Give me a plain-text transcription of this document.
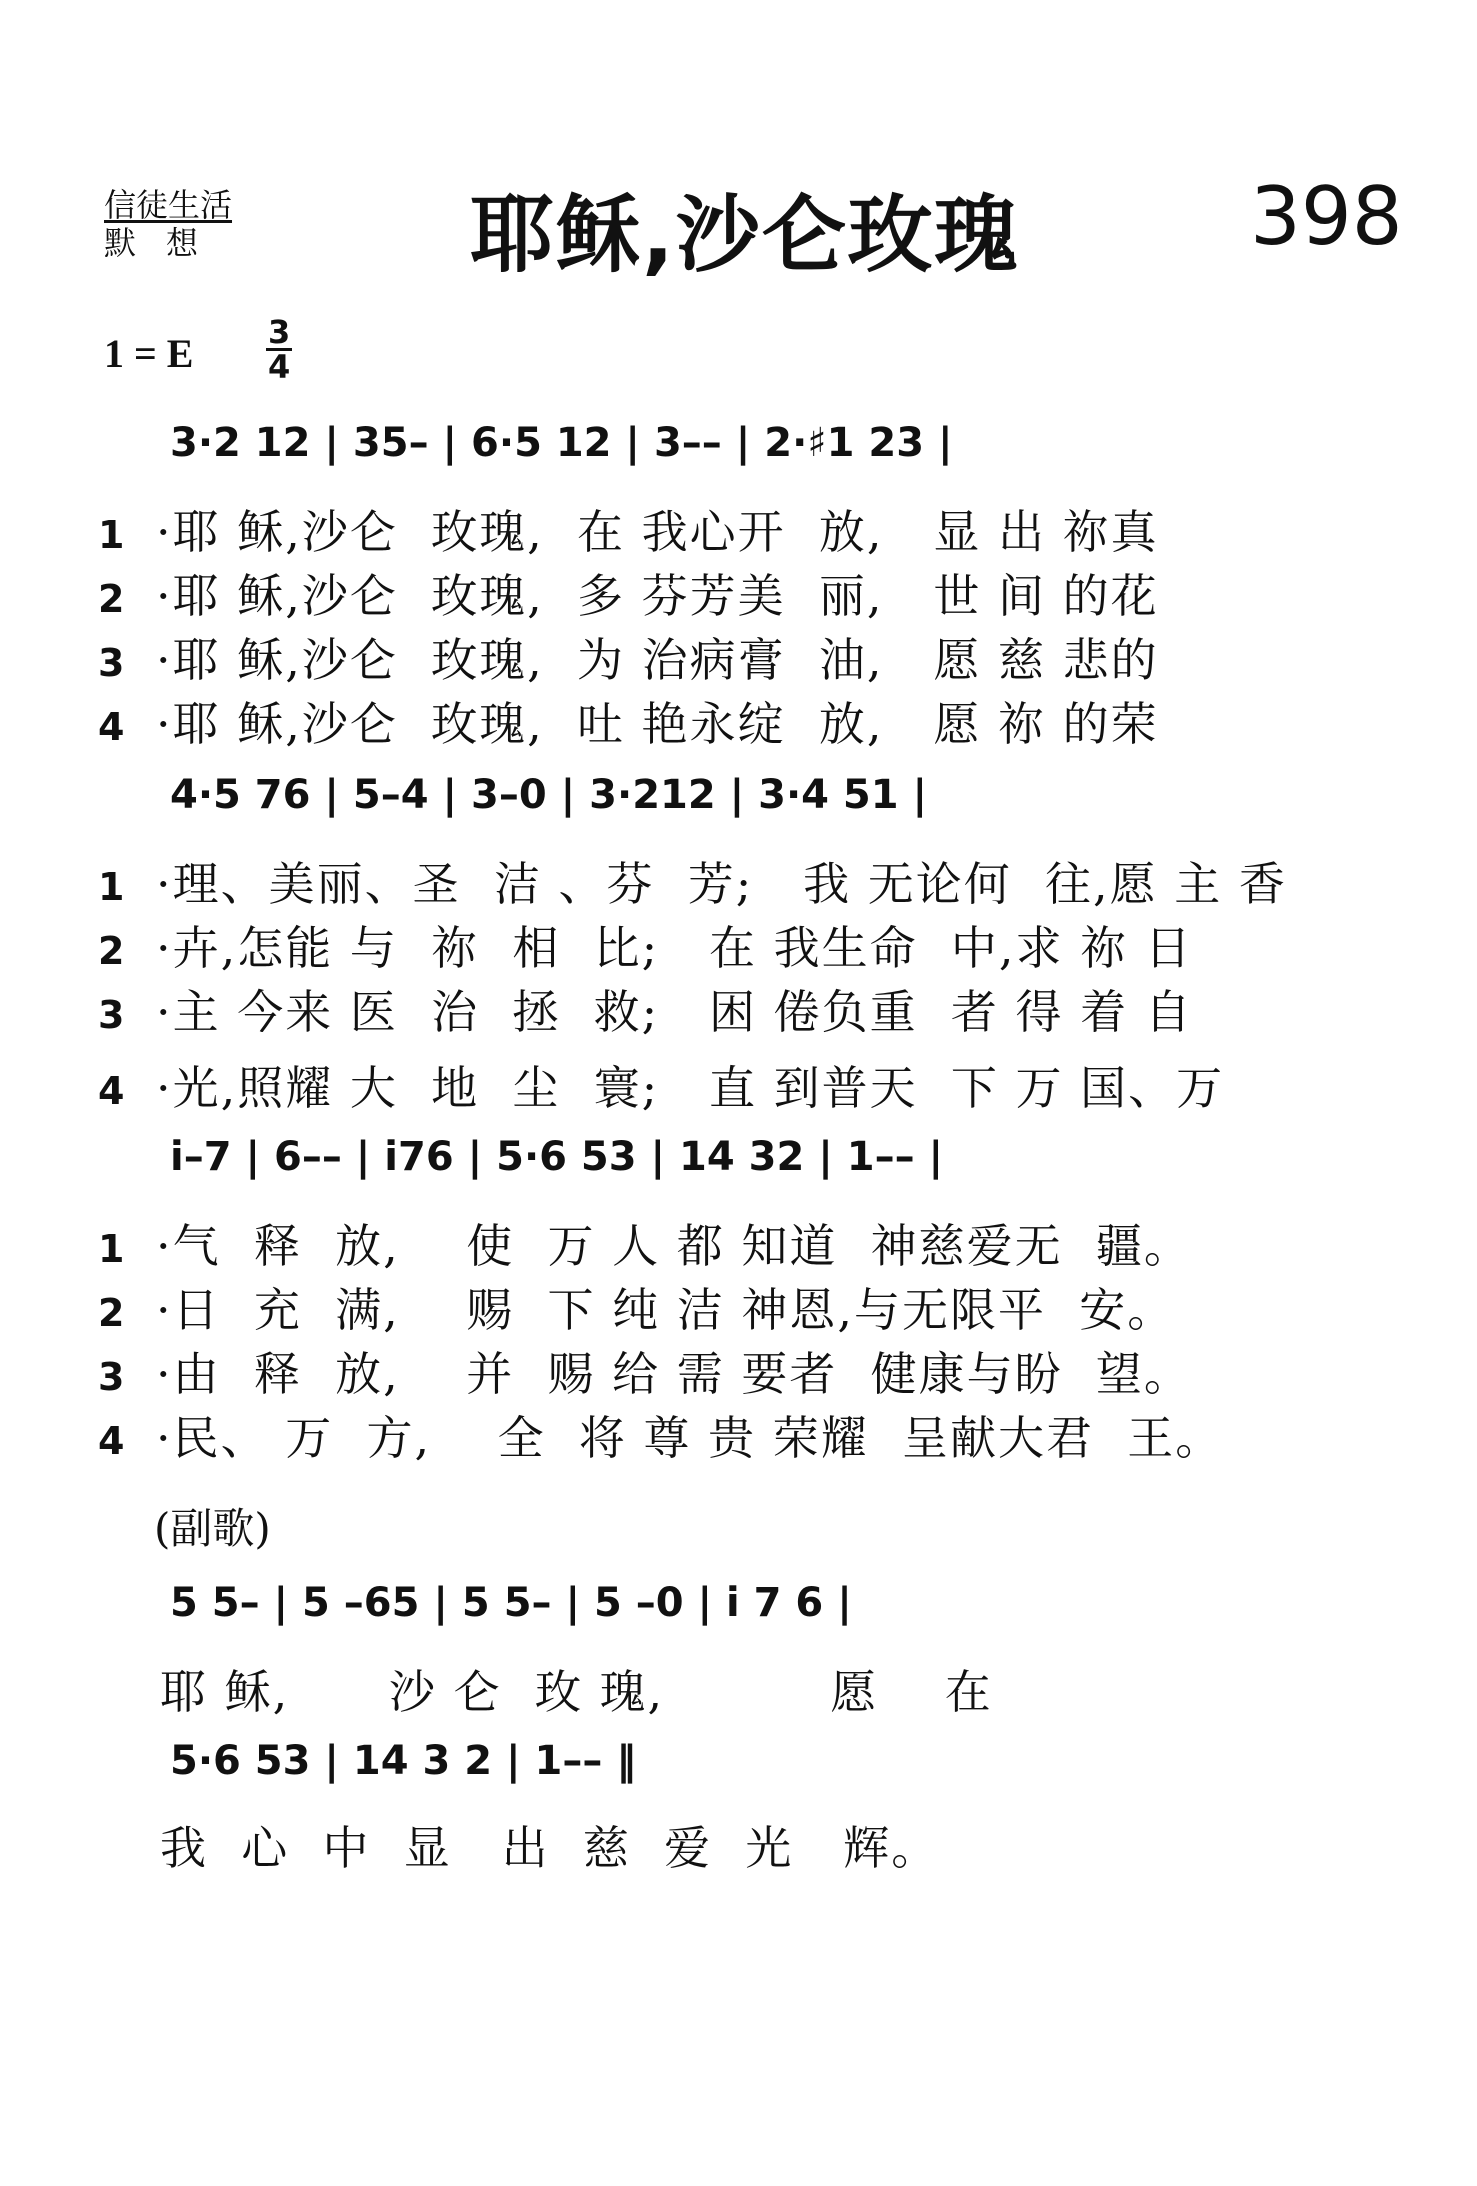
信徒生活
默想	耶稣,沙仑玫瑰	398
1 = E 3
4
3·2 12 | 35– | 6·5 12 | 3–– | 2·♯1 23 |
1 ·耶 稣,沙仑  玫瑰,  在 我心开  放,   显 出 祢真
2 ·耶 稣,沙仑  玫瑰,  多 芬芳美  丽,   世 间 的花
3 ·耶 稣,沙仑  玫瑰,  为 治病膏  油,   愿 慈 悲的
4 ·耶 稣,沙仑  玫瑰,  吐 艳永绽  放,   愿 祢 的荣
4·5 76 | 5–4 | 3–0 | 3·212 | 3·4 51 |
1 ·理、美丽、圣  洁 、芬  芳;   我 无论何  往,愿 主 香
2 ·卉,怎能 与  祢  相  比;   在 我生命  中,求 祢 日
3 ·主 今来 医  治  拯  救;   困 倦负重  者 得 着 自
4 ·光,照耀 大  地  尘  寰;   直 到普天  下 万 国、万
i̇–7 | 6–– | i̇76 | 5·6 53 | 14 32 | 1–– |
1 ·气  释  放,    使  万 人 都 知道  神慈爱无  疆。
2 ·日  充  满,    赐  下 纯 洁 神恩,与无限平  安。
3 ·由  释  放,    并  赐 给 需 要者  健康与盼  望。
4 ·民、 万  方,    全  将 尊 贵 荣耀  呈献大君  王。
(副歌)
5 5– | 5 –65 | 5 5– | 5 –0 | i̇ 7 6 |
耶 稣,      沙 仑  玫 瑰,          愿    在
5·6 53 | 14 3 2 | 1–– ‖
我  心  中  显   出  慈  爱  光   辉。
